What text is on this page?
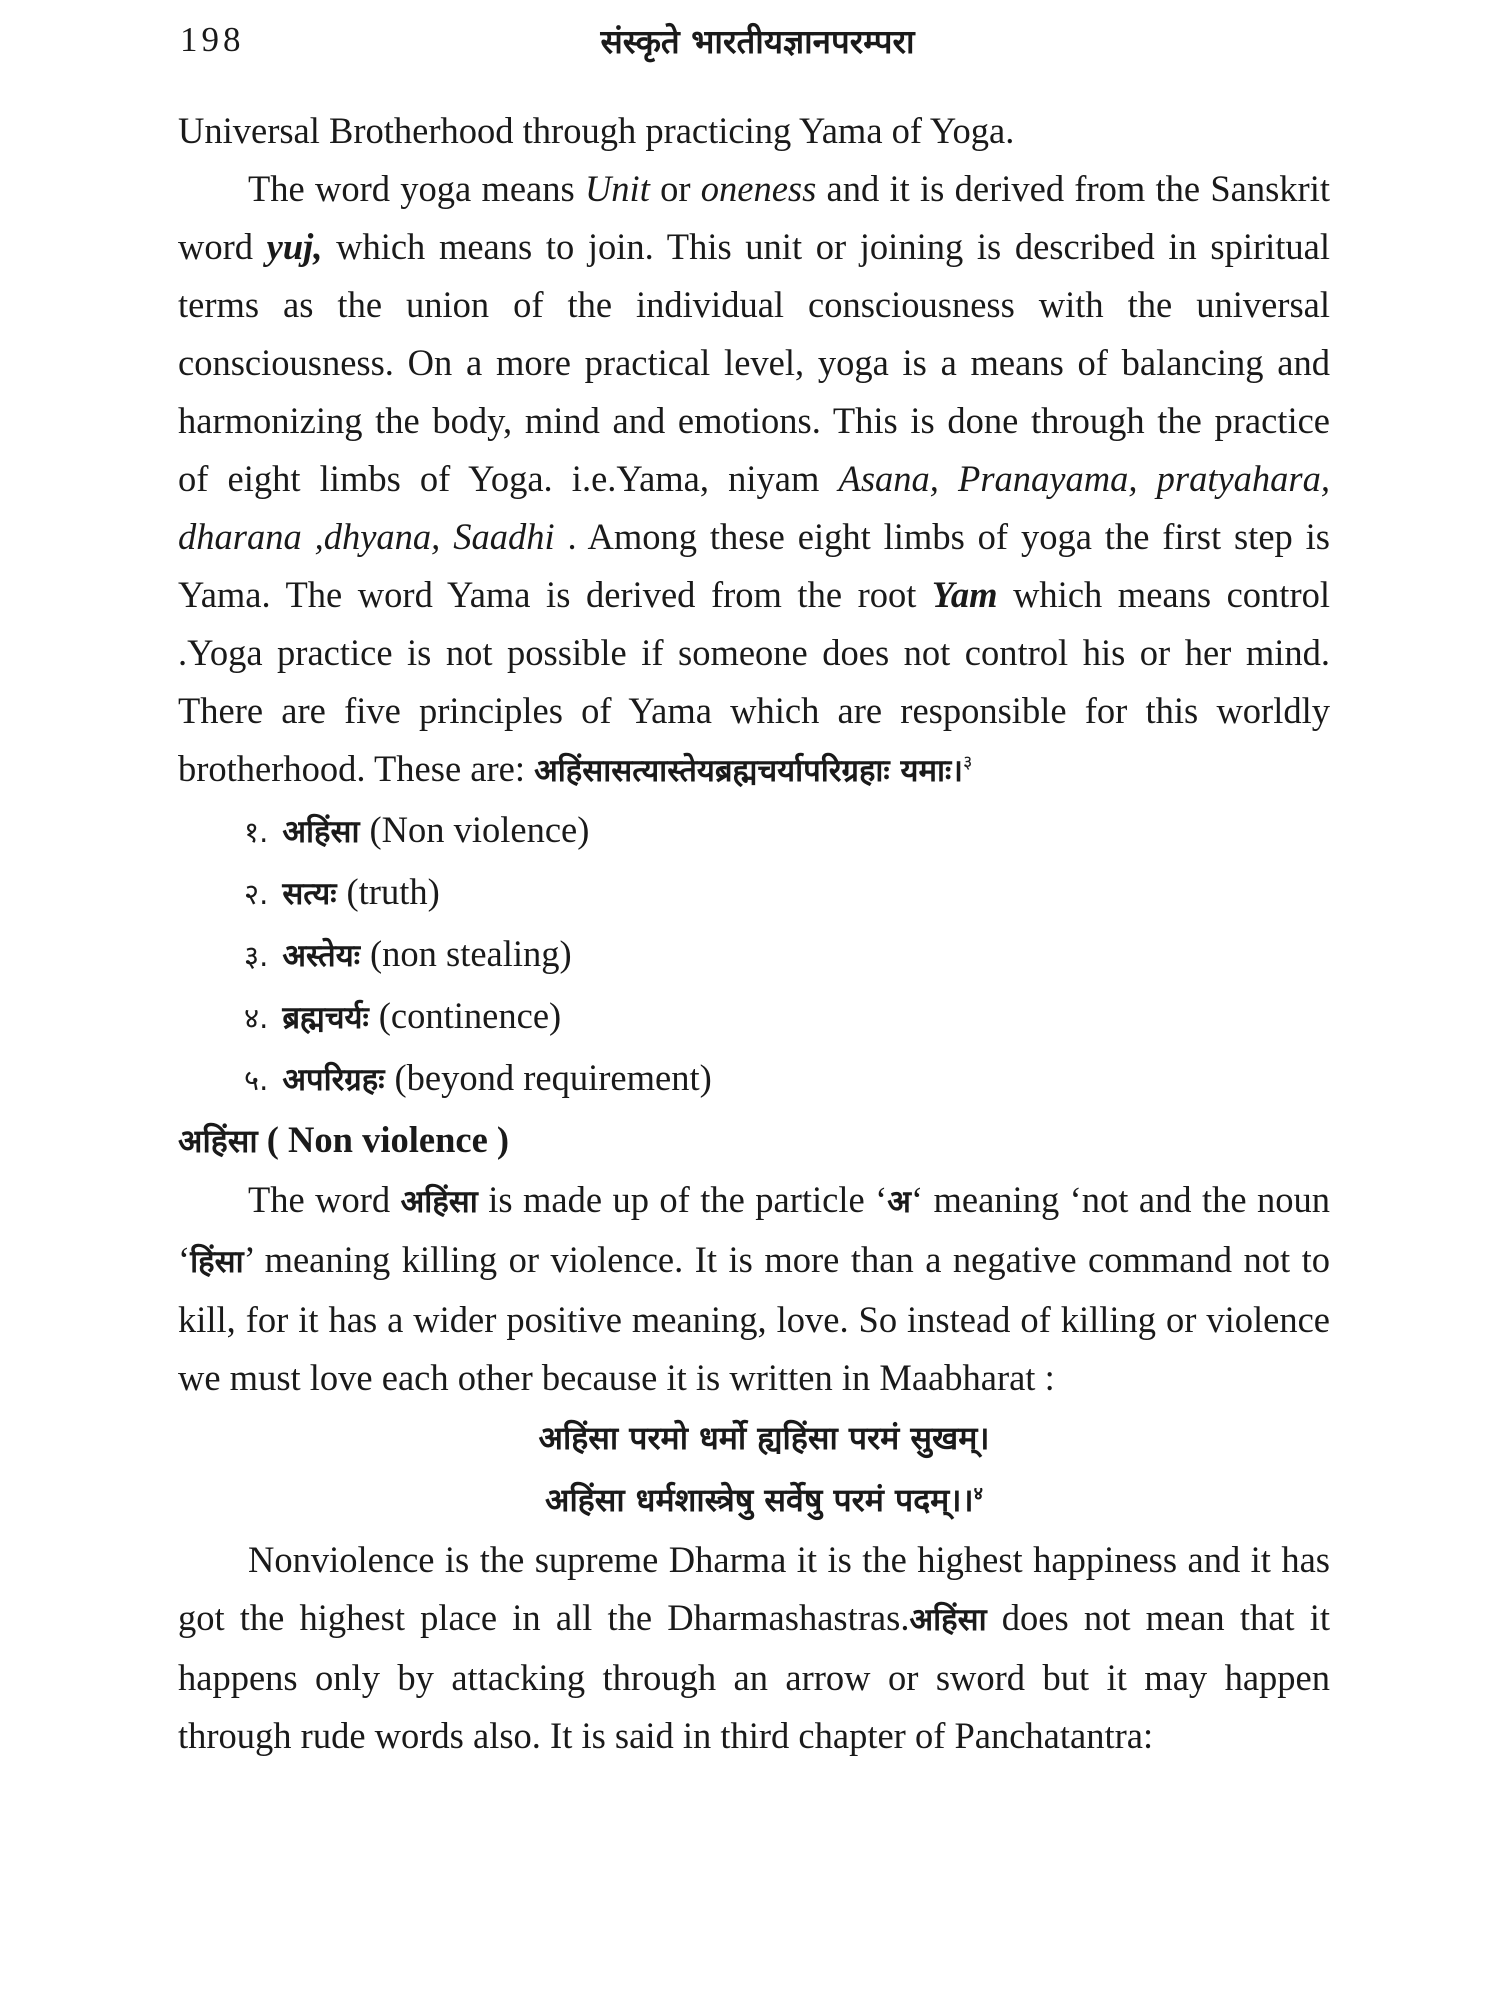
198	संस्कृते भारतीयज्ञानपरम्परा

Universal Brotherhood through practicing Yama of Yoga.

The word yoga means Unit or oneness and it is derived from the Sanskrit word yuj, which means to join. This unit or joining is described in spiritual terms as the union of the individual consciousness with the universal consciousness. On a more practical level, yoga is a means of balancing and harmonizing the body, mind and emotions. This is done through the practice of eight limbs of Yoga. i.e.Yama, niyam Asana, Pranayama, pratyahara, dharana ,dhyana, Saadhi . Among these eight limbs of yoga the first step is Yama. The word Yama is derived from the root Yam which means control .Yoga practice is not possible if someone does not control his or her mind. There are five principles of Yama which are responsible for this worldly brotherhood. These are: अहिंसासत्यास्तेयब्रह्मचर्यापरिग्रहाः यमाः।$^३$

१. अहिंसा (Non violence)
२. सत्यः (truth)
३. अस्तेयः (non stealing)
४. ब्रह्मचर्यः (continence)
५. अपरिग्रहः (beyond requirement)

अहिंसा ( Non violence )

The word अहिंसा is made up of the particle ‘अ‘ meaning ‘not and the noun ‘हिंसा’ meaning killing or violence. It is more than a negative command not to kill, for it has a wider positive meaning, love. So instead of killing or violence we must love each other because it is written in Maabharat :

अहिंसा परमो धर्मो ह्यहिंसा परमं सुखम्।

अहिंसा धर्मशास्त्रेषु सर्वेषु परमं पदम्।।$^४$

Nonviolence is the supreme Dharma it is the highest happiness and it has got the highest place in all the Dharmashastras.अहिंसा does not mean that it happens only by attacking through an arrow or sword but it may happen through rude words also. It is said in third chapter of Panchatantra:
